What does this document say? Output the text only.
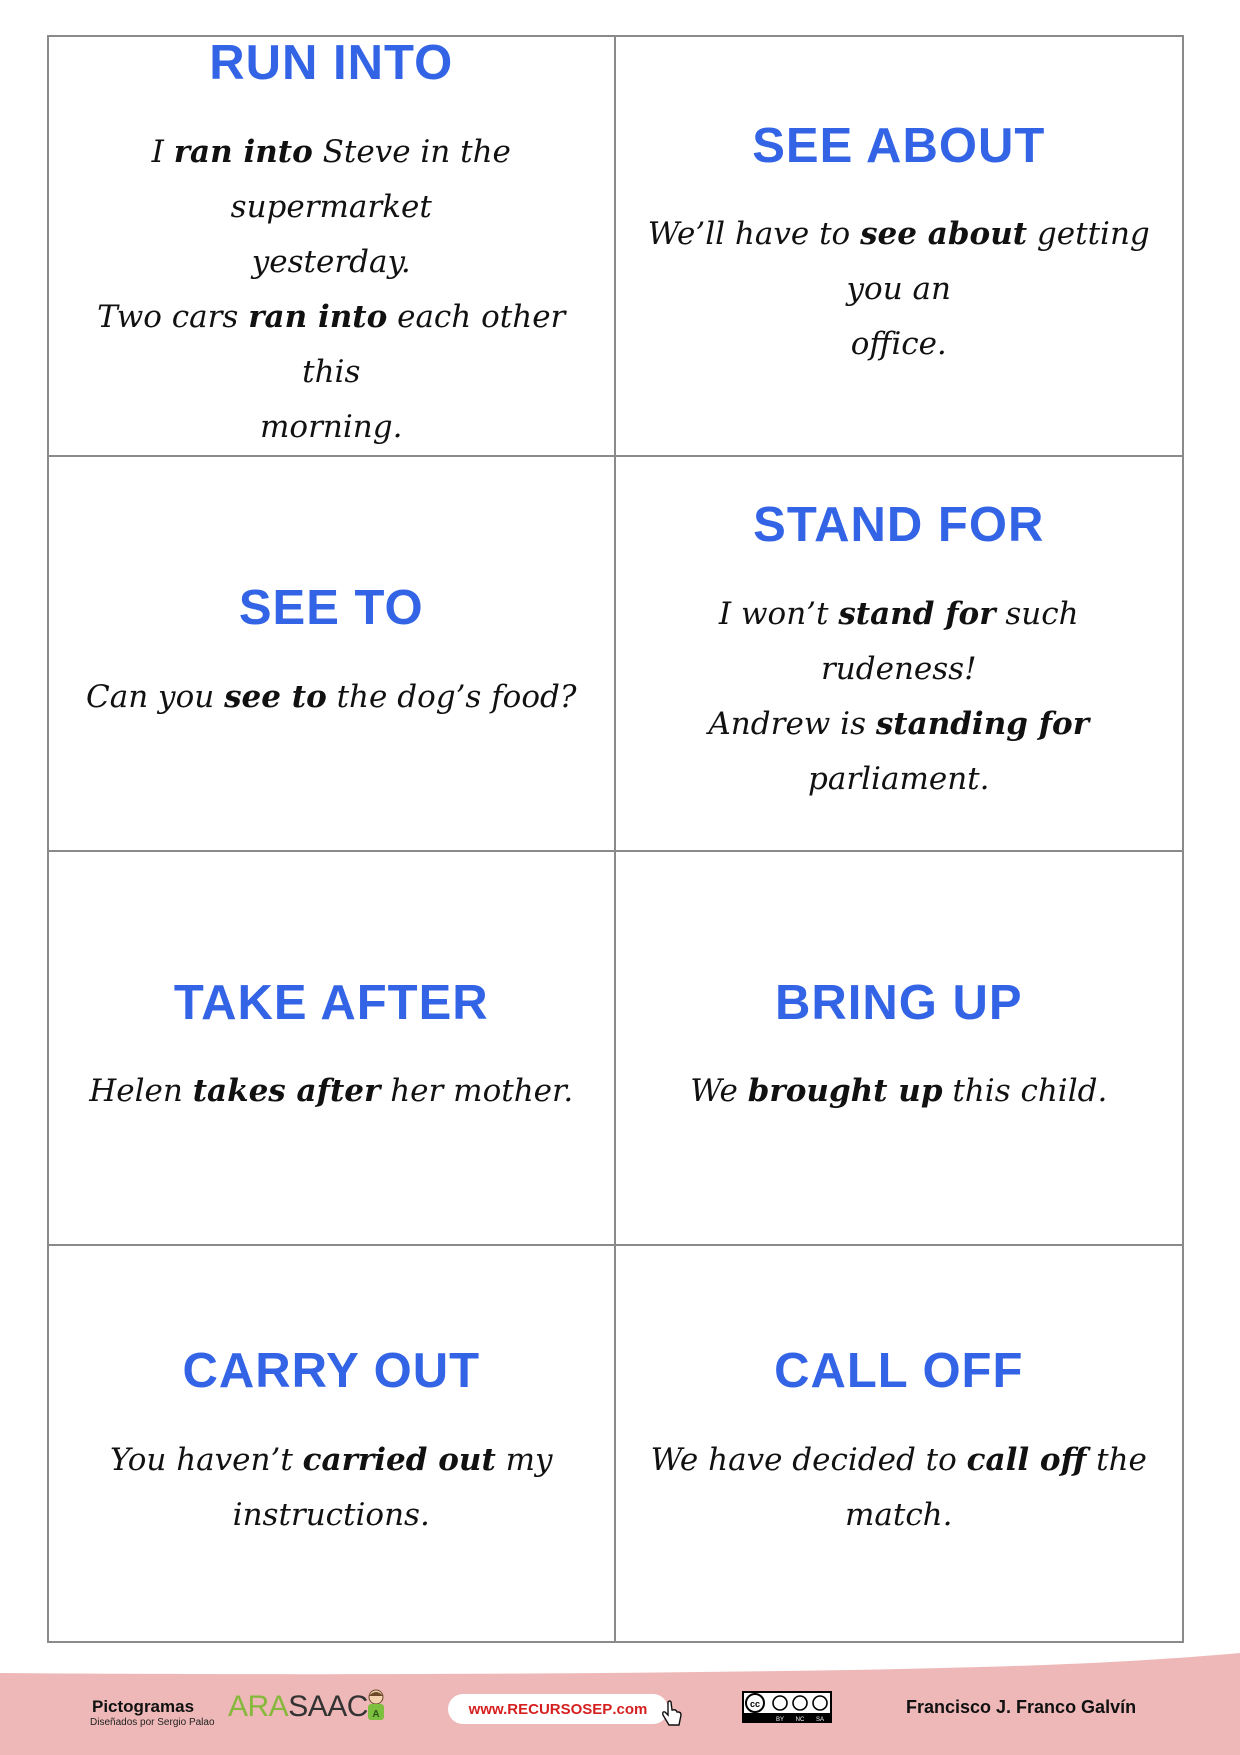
RUN INTO
I ran into Steve in the supermarket
yesterday.
Two cars ran into each other this
morning.
SEE ABOUT
We’ll have to see about getting you an
office.
SEE TO
Can you see to the dog’s food?
STAND FOR
I won’t stand for such rudeness!
Andrew is standing for parliament.
TAKE AFTER
Helen takes after her mother.
BRING UP
We brought up this child.
CARRY OUT
You haven’t carried out my
instructions.
CALL OFF
We have decided to call off the match.
Pictogramas
Diseñados por Sergio Palao ARASAAC A	www. RECURSOSEP .com	cc
BY NC SA
Francisco J. Franco Galvín
